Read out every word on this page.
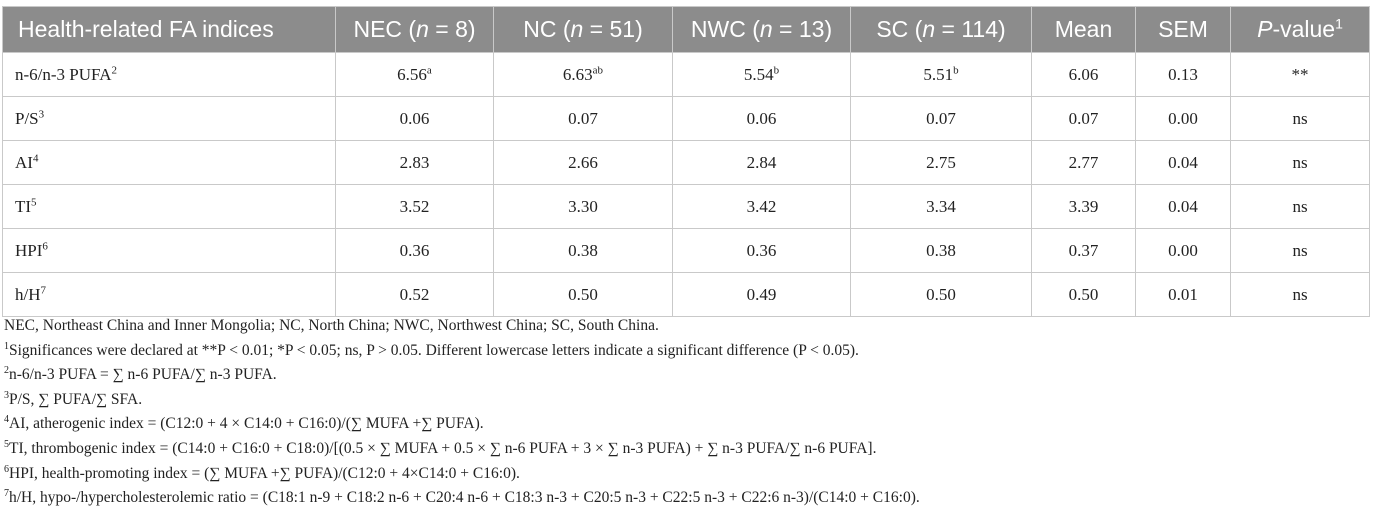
Health-related FA indices	NEC (n = 8)	NC (n = 51)	NWC (n = 13)	SC (n = 114)	Mean	SEM	P-value$^1$
n-6/n-3 PUFA$^2$	6.56$^a$	6.63$^{ab}$	5.54$^b$	5.51$^b$	6.06	0.13	**
$P/S^3$	0.06	0.07	0.06	0.07	0.07	0.00	ns
$AI^4$	2.83	2.66	2.84	2.75	2.77	0.04	ns
$TI^5$	3.52	3.30	3.42	3.34	3.39	0.04	ns
HPI$^6$	0.36	0.38	0.36	0.38	0.37	0.00	ns
$h/H^7$	0.52	0.50	0.49	0.50	0.50	0.01	ns
NEC, Northeast China and Inner Mongolia; NC, North China; NWC, Northwest China; SC, South China.
$^1$Significances were declared at **P < 0.01; *P < 0.05; ns, P > 0.05. Different lowercase letters indicate a significant difference (P < 0.05).
$^2$n-6/n-3 PUFA = ∑ n-6 PUFA/∑ n-3 PUFA.
$^3$P/S, ∑ PUFA/∑ SFA.
$^4$AI, atherogenic index = (C12:0 + 4 × C14:0 + C16:0)/(∑ MUFA +∑ PUFA).
$^5$TI, thrombogenic index = (C14:0 + C16:0 + C18:0)/[(0.5 × ∑ MUFA + 0.5 × ∑ n-6 PUFA + 3 × ∑ n-3 PUFA) + ∑ n-3 PUFA/∑ n-6 PUFA].
$^6$HPI, health-promoting index = (∑ MUFA +∑ PUFA)/(C12:0 + 4×C14:0 + C16:0).
$^7$h/H, hypo-/hypercholesterolemic ratio = (C18:1 n-9 + C18:2 n-6 + C20:4 n-6 + C18:3 n-3 + C20:5 n-3 + C22:5 n-3 + C22:6 n-3)/(C14:0 + C16:0).
